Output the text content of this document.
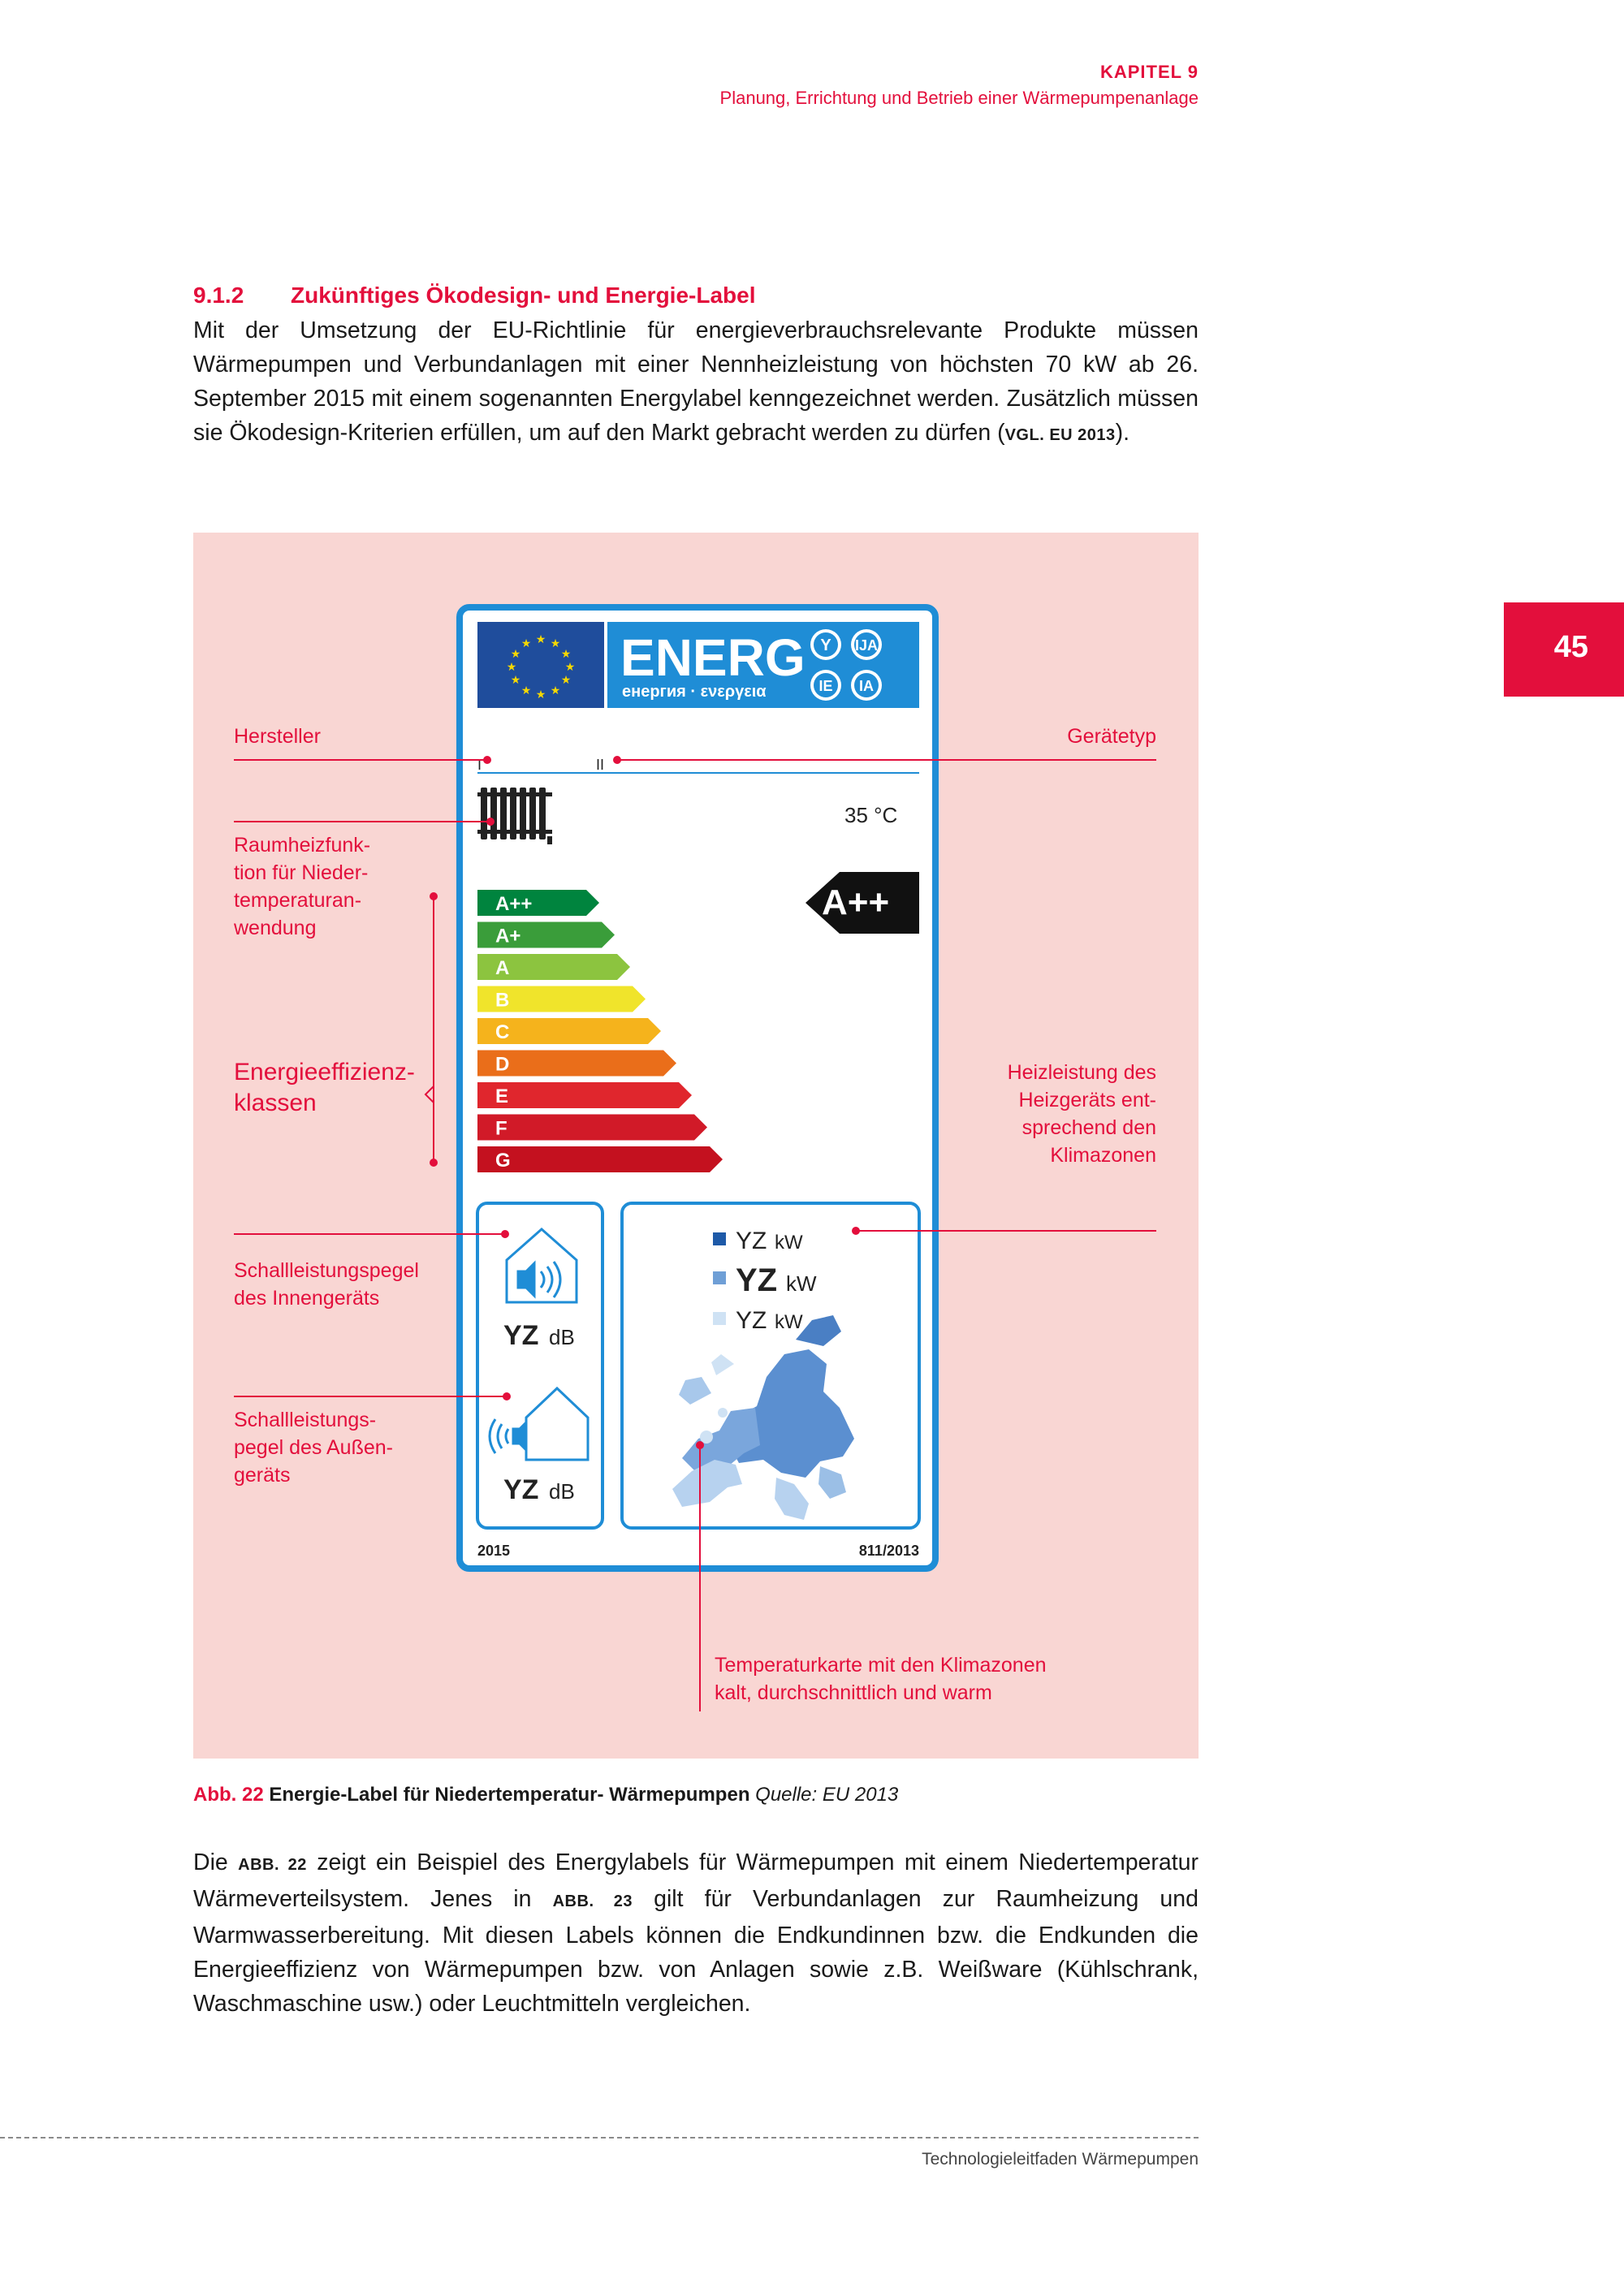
KAPITEL 9
Planung, Errichtung und Betrieb einer Wärmepumpenanlage
9.1.2 Zukünftiges Ökodesign- und Energie-Label
Mit der Umsetzung der EU-Richtlinie für energieverbrauchsrelevante Produkte müssen Wärmepumpen und Verbundanlagen mit einer Nennheizleistung von höchsten 70 kW ab 26. September 2015 mit einem sogenannten Energylabel kenngezeichnet werden. Zusätzlich müssen sie Ökodesign-Kriterien erfüllen, um auf den Markt gebracht werden zu dürfen (VGL. EU 2013).
45
★ ★
★
★
★
★
★
★
★
★
★
★ ENERG
енергия · ενεργεια
Y IJA
IE IA
I	II
35 °C
A++
A+
A
B
C
D
E
F
G
A++
YZ dB
YZ dB
YZ kW
YZ kW
YZ kW
2015	811/2013
Hersteller	Gerätetyp
Raumheizfunk-
tion für Nieder-
temperaturan-
wendung
Energieeffizienz-
klassen
Heizleistung des
Heizgeräts ent-
sprechend den
Klimazonen
Schallleistungspegel
des Innengeräts
Schallleistungs-
pegel des Außen-
geräts
Temperaturkarte mit den Klimazonen
kalt, durchschnittlich und warm
Abb. 22 Energie-Label für Niedertemperatur- Wärmepumpen Quelle: EU 2013
Die ABB. 22 zeigt ein Beispiel des Energylabels für Wärmepumpen mit einem Niedertemperatur Wärmeverteilsystem. Jenes in ABB. 23 gilt für Verbundanlagen zur Raumheizung und Warmwasserbereitung. Mit diesen Labels können die Endkundinnen bzw. die Endkunden die Energieeffizienz von Wärmepumpen bzw. von Anlagen sowie z.B. Weißware (Kühlschrank, Waschmaschine usw.) oder Leuchtmitteln vergleichen.
Technologieleitfaden Wärmepumpen
